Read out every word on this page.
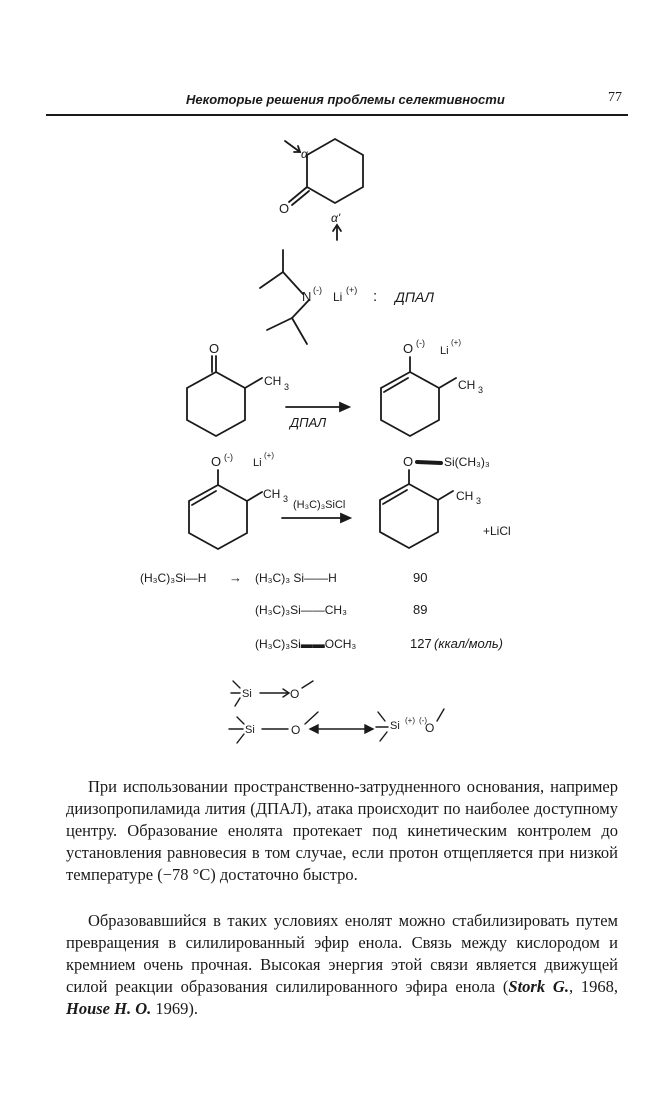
Некоторые решения проблемы селективности	77
O
α
α'
N (-) Li (+) : ДПАЛ
O
CH 3
ДПАЛ
O (-)
Li
(+)
CH 3
O (-) Li
(+)
CH 3 (H₃C)₃SiCl
O	Si(CH₃)₃
CH 3
+LiCl
(H₃C)₃Si—H → (H₃C)₃ Si——H	90
(H₃C)₃Si——CH₃	89
(H₃C)₃Si▬▬OCH₃	127 (ккал/моль)
Si	O
Si	O	Si (+) (-)
O

При использовании пространственно-затрудненного основания, например диизопропиламида лития (ДПАЛ), атака происходит по наиболее доступному центру. Образование енолята протекает под кинетическим контролем до установления равновесия в том случае, если протон отщепляется при низкой температуре (−78 °C) достаточно быстро.

Образовавшийся в таких условиях енолят можно стабилизировать путем превращения в силилированный эфир енола. Связь между кислородом и кремнием очень прочная. Высокая энергия этой связи является движущей силой реакции образования силилированного эфира енола (Stork G., 1968, House H. O. 1969).
